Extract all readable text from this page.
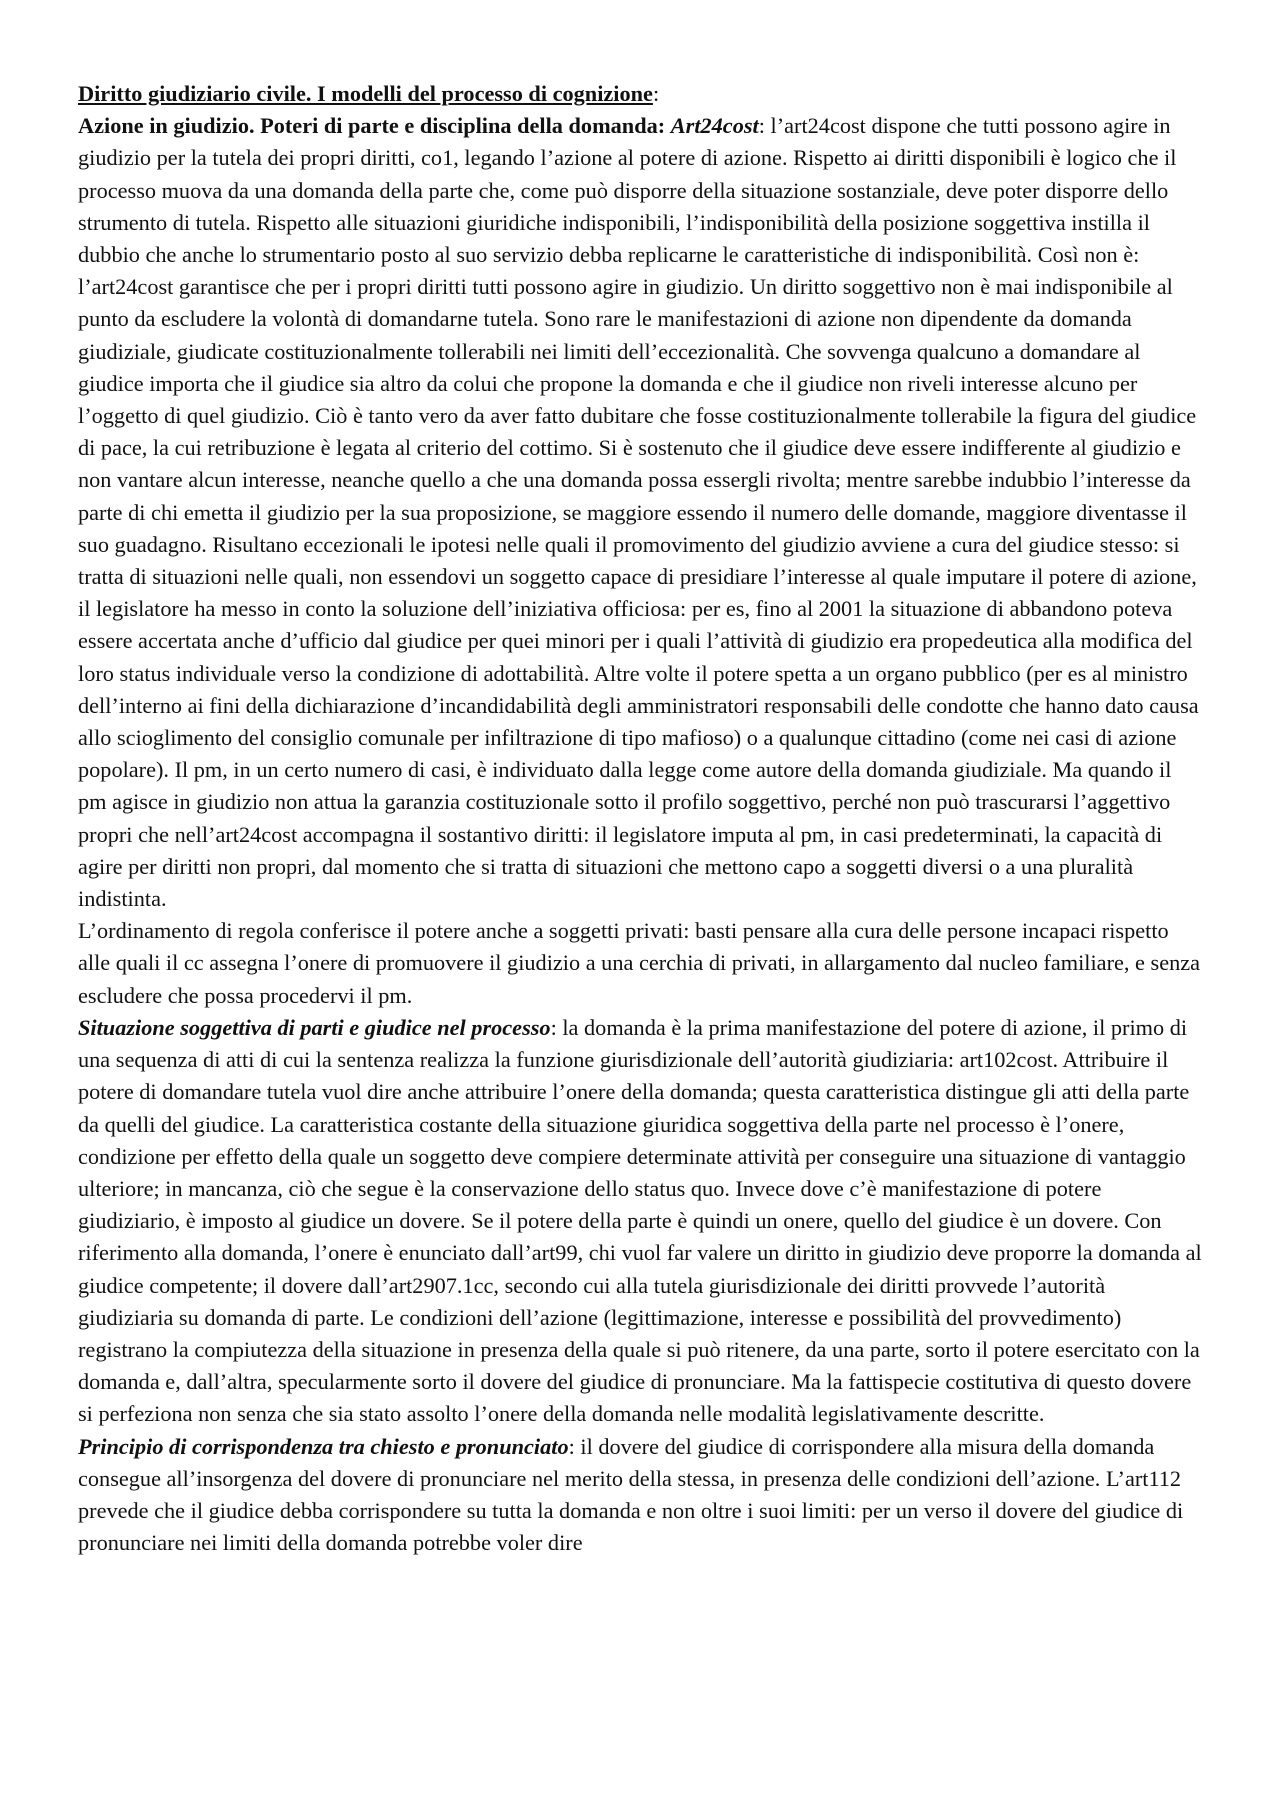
Diritto giudiziario civile. I modelli del processo di cognizione:

Azione in giudizio. Poteri di parte e disciplina della domanda: Art24cost: l’art24cost dispone che tutti possono agire in giudizio per la tutela dei propri diritti, co1, legando l’azione al potere di azione. Rispetto ai diritti disponibili è logico che il processo muova da una domanda della parte che, come può disporre della situazione sostanziale, deve poter disporre dello strumento di tutela. Rispetto alle situazioni giuridiche indisponibili, l’indisponibilità della posizione soggettiva instilla il dubbio che anche lo strumentario posto al suo servizio debba replicarne le caratteristiche di indisponibilità. Così non è: l’art24cost garantisce che per i propri diritti tutti possono agire in giudizio. Un diritto soggettivo non è mai indisponibile al punto da escludere la volontà di domandarne tutela. Sono rare le manifestazioni di azione non dipendente da domanda giudiziale, giudicate costituzionalmente tollerabili nei limiti dell’eccezionalità. Che sovvenga qualcuno a domandare al giudice importa che il giudice sia altro da colui che propone la domanda e che il giudice non riveli interesse alcuno per l’oggetto di quel giudizio. Ciò è tanto vero da aver fatto dubitare che fosse costituzionalmente tollerabile la figura del giudice di pace, la cui retribuzione è legata al criterio del cottimo. Si è sostenuto che il giudice deve essere indifferente al giudizio e non vantare alcun interesse, neanche quello a che una domanda possa essergli rivolta; mentre sarebbe indubbio l’interesse da parte di chi emetta il giudizio per la sua proposizione, se maggiore essendo il numero delle domande, maggiore diventasse il suo guadagno. Risultano eccezionali le ipotesi nelle quali il promovimento del giudizio avviene a cura del giudice stesso: si tratta di situazioni nelle quali, non essendovi un soggetto capace di presidiare l’interesse al quale imputare il potere di azione, il legislatore ha messo in conto la soluzione dell’iniziativa officiosa: per es, fino al 2001 la situazione di abbandono poteva essere accertata anche d’ufficio dal giudice per quei minori per i quali l’attività di giudizio era propedeutica alla modifica del loro status individuale verso la condizione di adottabilità. Altre volte il potere spetta a un organo pubblico (per es al ministro dell’interno ai fini della dichiarazione d’incandidabilità degli amministratori responsabili delle condotte che hanno dato causa allo scioglimento del consiglio comunale per infiltrazione di tipo mafioso) o a qualunque cittadino (come nei casi di azione popolare). Il pm, in un certo numero di casi, è individuato dalla legge come autore della domanda giudiziale. Ma quando il pm agisce in giudizio non attua la garanzia costituzionale sotto il profilo soggettivo, perché non può trascurarsi l’aggettivo propri che nell’art24cost accompagna il sostantivo diritti: il legislatore imputa al pm, in casi predeterminati, la capacità di agire per diritti non propri, dal momento che si tratta di situazioni che mettono capo a soggetti diversi o a una pluralità indistinta.

L’ordinamento di regola conferisce il potere anche a soggetti privati: basti pensare alla cura delle persone incapaci rispetto alle quali il cc assegna l’onere di promuovere il giudizio a una cerchia di privati, in allargamento dal nucleo familiare, e senza escludere che possa procedervi il pm.

Situazione soggettiva di parti e giudice nel processo: la domanda è la prima manifestazione del potere di azione, il primo di una sequenza di atti di cui la sentenza realizza la funzione giurisdizionale dell’autorità giudiziaria: art102cost. Attribuire il potere di domandare tutela vuol dire anche attribuire l’onere della domanda; questa caratteristica distingue gli atti della parte da quelli del giudice. La caratteristica costante della situazione giuridica soggettiva della parte nel processo è l’onere, condizione per effetto della quale un soggetto deve compiere determinate attività per conseguire una situazione di vantaggio ulteriore; in mancanza, ciò che segue è la conservazione dello status quo. Invece dove c’è manifestazione di potere giudiziario, è imposto al giudice un dovere. Se il potere della parte è quindi un onere, quello del giudice è un dovere. Con riferimento alla domanda, l’onere è enunciato dall’art99, chi vuol far valere un diritto in giudizio deve proporre la domanda al giudice competente; il dovere dall’art2907.1cc, secondo cui alla tutela giurisdizionale dei diritti provvede l’autorità giudiziaria su domanda di parte. Le condizioni dell’azione (legittimazione, interesse e possibilità del provvedimento) registrano la compiutezza della situazione in presenza della quale si può ritenere, da una parte, sorto il potere esercitato con la domanda e, dall’altra, specularmente sorto il dovere del giudice di pronunciare. Ma la fattispecie costitutiva di questo dovere si perfeziona non senza che sia stato assolto l’onere della domanda nelle modalità legislativamente descritte.

Principio di corrispondenza tra chiesto e pronunciato: il dovere del giudice di corrispondere alla misura della domanda consegue all’insorgenza del dovere di pronunciare nel merito della stessa, in presenza delle condizioni dell’azione. L’art112 prevede che il giudice debba corrispondere su tutta la domanda e non oltre i suoi limiti: per un verso il dovere del giudice di pronunciare nei limiti della domanda potrebbe voler dire
